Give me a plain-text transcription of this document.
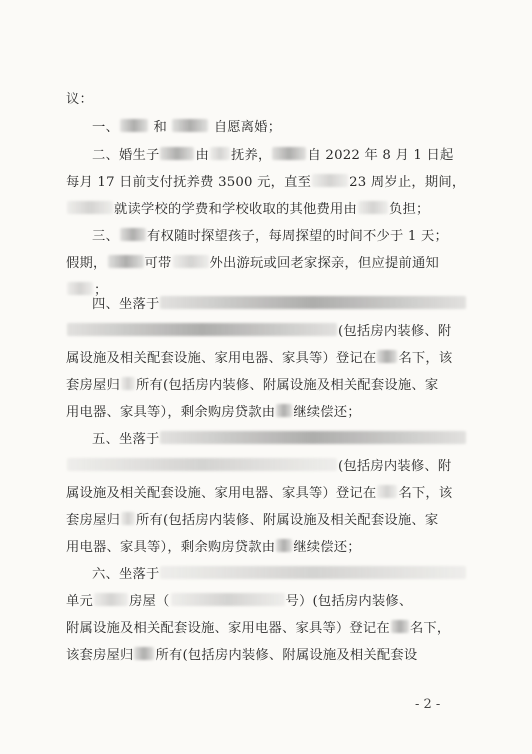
议：
一、	和	自愿离婚；
二、婚生子	由 抚养，	自 2022 年 8 月 1 日起
每月 17 日前支付抚养费 3500 元，直至	23 周岁止，期间，
就读学校的学费和学校收取的其他费用由 负担；
三、 有权随时探望孩子，每周探望的时间不少于 1 天；
假期，	可带	外出游玩或回老家探亲，但应提前通知
；
四、坐落于
(包括房内装修、附
属设施及相关配套设施、家用电器、家具等）登记在 名下，该
套房屋归 所有(包括房内装修、附属设施及相关配套设施、家
用电器、家具等），剩余购房贷款由 继续偿还；
五、坐落于
(包括房内装修、附
属设施及相关配套设施、家用电器、家具等）登记在 名下，该
套房屋归 所有(包括房内装修、附属设施及相关配套设施、家
用电器、家具等），剩余购房贷款由 继续偿还；
六、坐落于
单元	房屋（	号）(包括房内装修、
附属设施及相关配套设施、家用电器、家具等）登记在 名下，
该套房屋归 所有(包括房内装修、附属设施及相关配套设
- 2 -
